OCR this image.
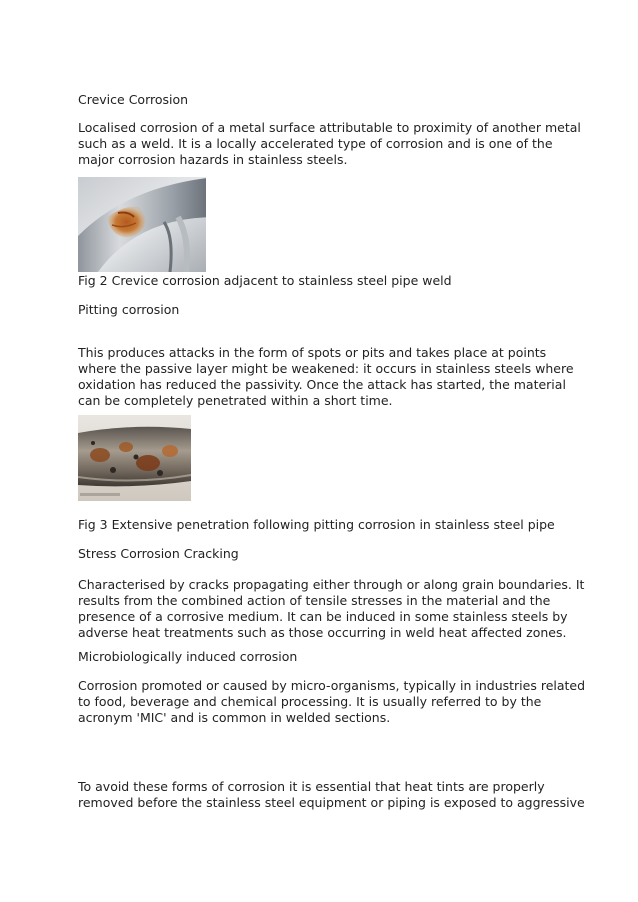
Crevice Corrosion

Localised corrosion of a metal surface attributable to proximity of another metal
such as a weld. It is a locally accelerated type of corrosion and is one of the
major corrosion hazards in stainless steels.

Fig 2 Crevice corrosion adjacent to stainless steel pipe weld

Pitting corrosion

This produces attacks in the form of spots or pits and takes place at points
where the passive layer might be weakened: it occurs in stainless steels where
oxidation has reduced the passivity. Once the attack has started, the material
can be completely penetrated within a short time.

Fig 3 Extensive penetration following pitting corrosion in stainless steel pipe

Stress Corrosion Cracking

Characterised by cracks propagating either through or along grain boundaries. It
results from the combined action of tensile stresses in the material and the
presence of a corrosive medium. It can be induced in some stainless steels by
adverse heat treatments such as those occurring in weld heat affected zones.

Microbiologically induced corrosion

Corrosion promoted or caused by micro-organisms, typically in industries related
to food, beverage and chemical processing. It is usually referred to by the
acronym 'MIC' and is common in welded sections.

To avoid these forms of corrosion it is essential that heat tints are properly
removed before the stainless steel equipment or piping is exposed to aggressive
